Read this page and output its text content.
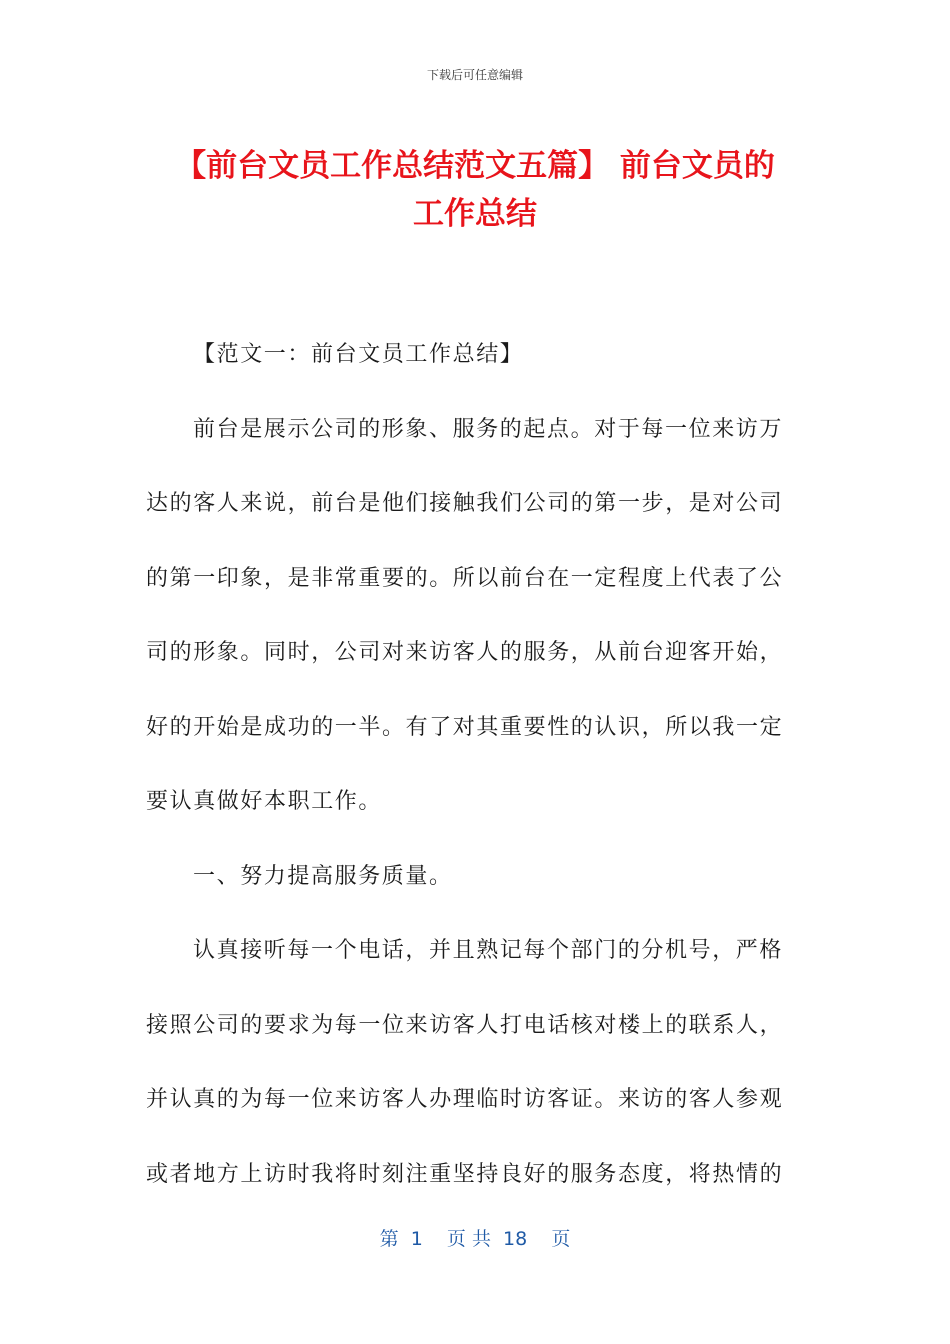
下载后可任意编辑
【前台文员工作总结范文五篇】 前台文员的
工作总结
【范文一：前台文员工作总结】
前台是展示公司的形象、服务的起点。对于每一位来访万
达的客人来说，前台是他们接触我们公司的第一步，是对公司
的第一印象，是非常重要的。所以前台在一定程度上代表了公
司的形象。同时，公司对来访客人的服务，从前台迎客开始，
好的开始是成功的一半。有了对其重要性的认识，所以我一定
要认真做好本职工作。
一、努力提高服务质量。
认真接听每一个电话，并且熟记每个部门的分机号，严格
接照公司的要求为每一位来访客人打电话核对楼上的联系人，
并认真的为每一位来访客人办理临时访客证。来访的客人参观
或者地方上访时我将时刻注重坚持良好的服务态度，将热情的
第  1    页 共  18    页
